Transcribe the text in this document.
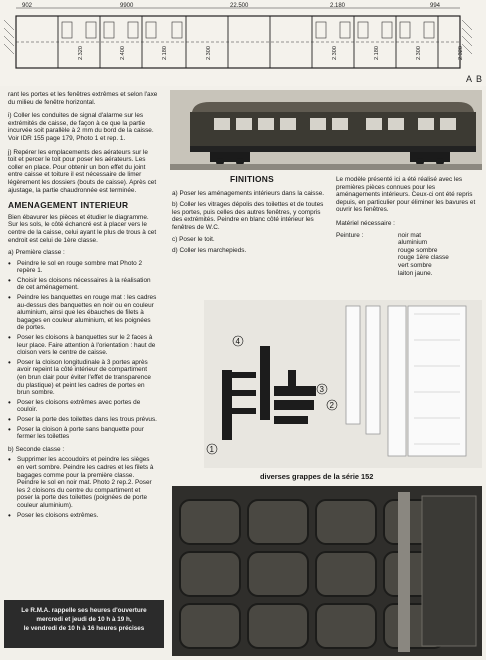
902	9900	22.500	2.180	994
2.320	2.400	2.180	2.300	2.300	2.180	2.300	2.320
A B

rant les portes et les fenêtres extrêmes et selon l'axe du milieu de fenêtre horizontal.

i) Coller les conduites de signal d'alarme sur les extrémités de caisse, de façon à ce que la partie incurvée soit parallèle à 2 mm du bord de la caisse. Voir IDR 155 page 179, Photo 1 et rep. 1.

j) Repérer les emplacements des aérateurs sur le toit et percer le toit pour poser les aérateurs. Les coller en place. Pour obtenir un bon effet du joint entre caisse et toiture il est nécessaire de limer légèrement les dossiers (bouts de caisse). Après cet ajustage, la partie chaudronnée est terminée.

AMENAGEMENT INTERIEUR

Bien ébavurer les pièces et étudier le diagramme. Sur les sols, le côté échancré est à placer vers le centre de la caisse, celui ayant le plus de trous à cet endroit est celui de 1ère classe.

a) Première classe :
• Peindre le sol en rouge sombre mat Photo 2 repère 1.
• Choisir les cloisons nécessaires à la réalisation de cet aménagement.
• Peindre les banquettes en rouge mat : les cadres au-dessus des banquettes en noir ou en couleur aluminium, ainsi que les ébauches de filets à bagages en couleur aluminium, et les poignées de portes.
• Poser les cloisons à banquettes sur le 2 faces à leur place. Faire attention à l'orientation : haut de cloison vers le centre de caisse.
• Poser la cloison longitudinale à 3 portes après avoir repeint la côté intérieur de compartiment (en brun clair pour éviter l'effet de transparence du plastique) et peint les cadres de portes en brun sombre.
• Poser les cloisons extrêmes avec portes de couloir.
• Poser la porte des toilettes dans les trous prévus.
• Poser la cloison à porte sans banquette pour fermer les toilettes
b) Seconde classe :
• Supprimer les accoudoirs et peindre les sièges en vert sombre. Peindre les cadres et les filets à bagages comme pour la première classe. Peindre le sol en noir mat. Photo 2 rep.2. Poser les 2 cloisons du centre du compartiment et poser la porte des toilettes (poignées de porte couleur aluminium).
• Poser les cloisons extrêmes.
Le R.M.A. rappelle ses heures d'ouverture
mercredi et jeudi de 10 h à 19 h,
le vendredi de 10 h à 16 heures précises
FINITIONS

a) Poser les aménagements intérieurs dans la caisse.

b) Coller les vitrages dépolis des toilettes et de toutes les portes, puis celles des autres fenêtres, y compris des extrémités. Peindre en blanc côté intérieur les fenêtres de W.C.

c) Poser le toit.

d) Coller les marchepieds.

Le modèle présenté ici a été réalisé avec les premières pièces connues pour les aménagements intérieurs. Ceux-ci ont été repris depuis, en particulier pour éliminer les bavures et ouvrir les fenêtres.

Matériel nécessaire :
Peinture :	noir mat
aluminium
rouge sombre
rouge 1ère classe
vert sombre
laiton jaune.
4
3
2
1
diverses grappes de la série 152
